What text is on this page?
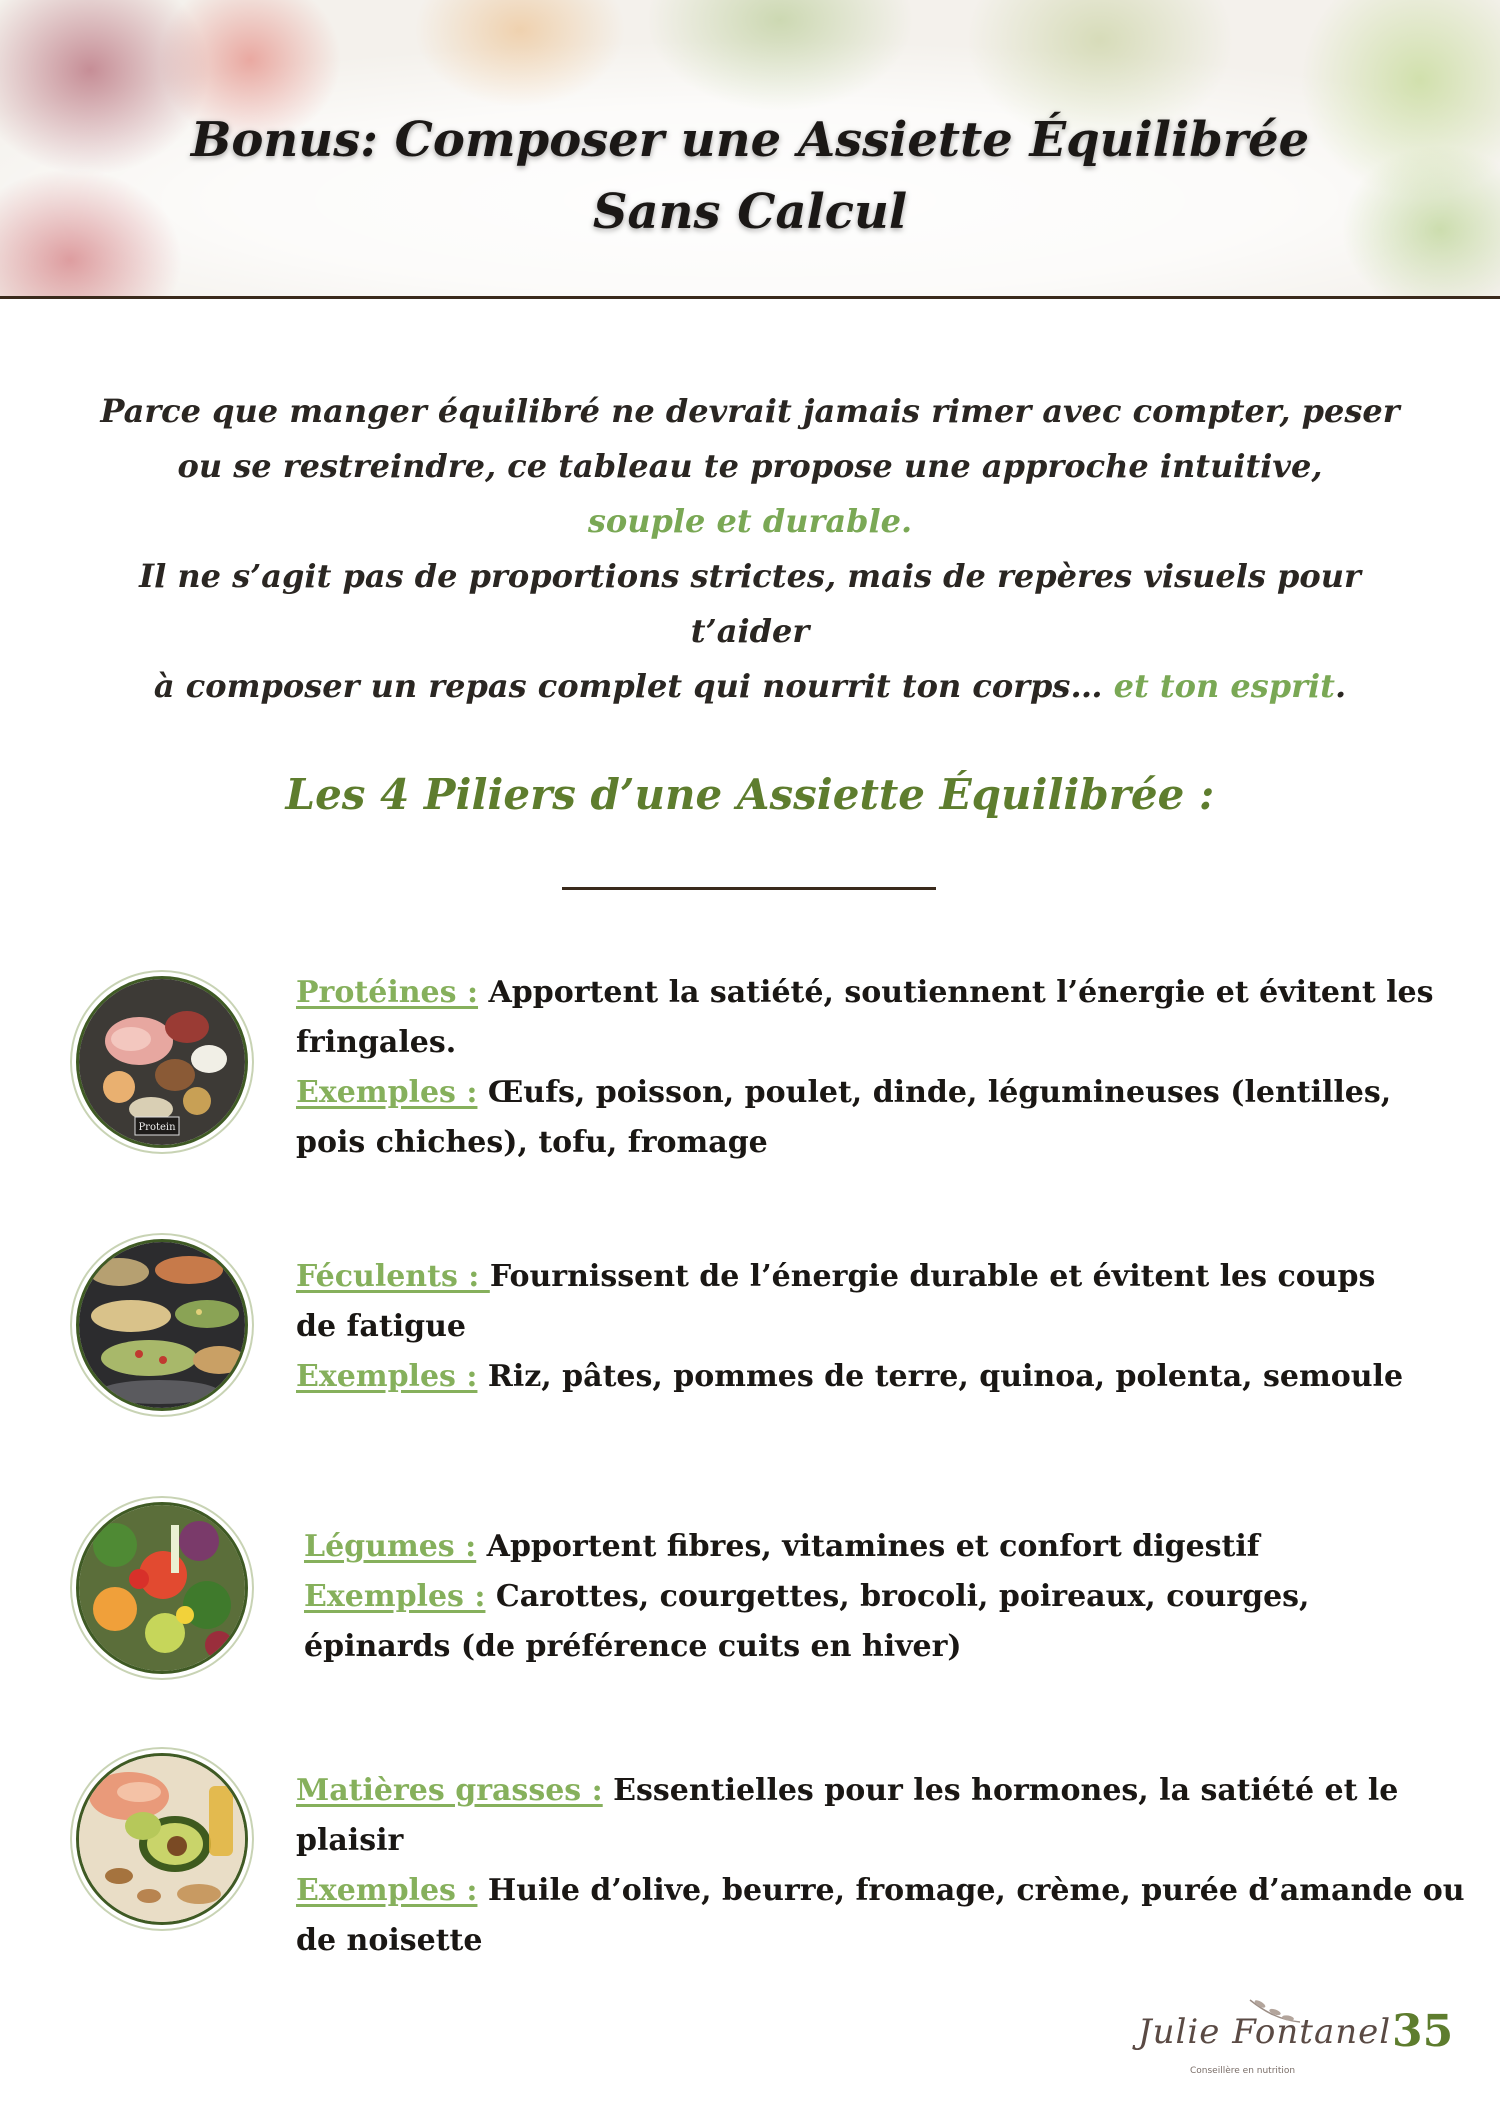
Bonus: Composer une Assiette Équilibrée
Sans Calcul

Parce que manger équilibré ne devrait jamais rimer avec compter, peser
ou se restreindre, ce tableau te propose une approche intuitive,
souple et durable.
Il ne s’agit pas de proportions strictes, mais de repères visuels pour t’aider
à composer un repas complet qui nourrit ton corps… et ton esprit.

Les 4 Piliers d’une Assiette Équilibrée :
Protein

Protéines : Apportent la satiété, soutiennent l’énergie et évitent les
fringales.
Exemples : Œufs, poisson, poulet, dinde, légumineuses (lentilles,
pois chiches), tofu, fromage

Féculents : Fournissent de l’énergie durable et évitent les coups
de fatigue
Exemples : Riz, pâtes, pommes de terre, quinoa, polenta, semoule

Légumes : Apportent fibres, vitamines et confort digestif
Exemples : Carottes, courgettes, brocoli, poireaux, courges,
épinards (de préférence cuits en hiver)

Matières grasses : Essentielles pour les hormones, la satiété et le plaisir
Exemples : Huile d’olive, beurre, fromage, crème, purée d’amande ou
de noisette

Julie Fontanel
Conseillère en nutrition
35
